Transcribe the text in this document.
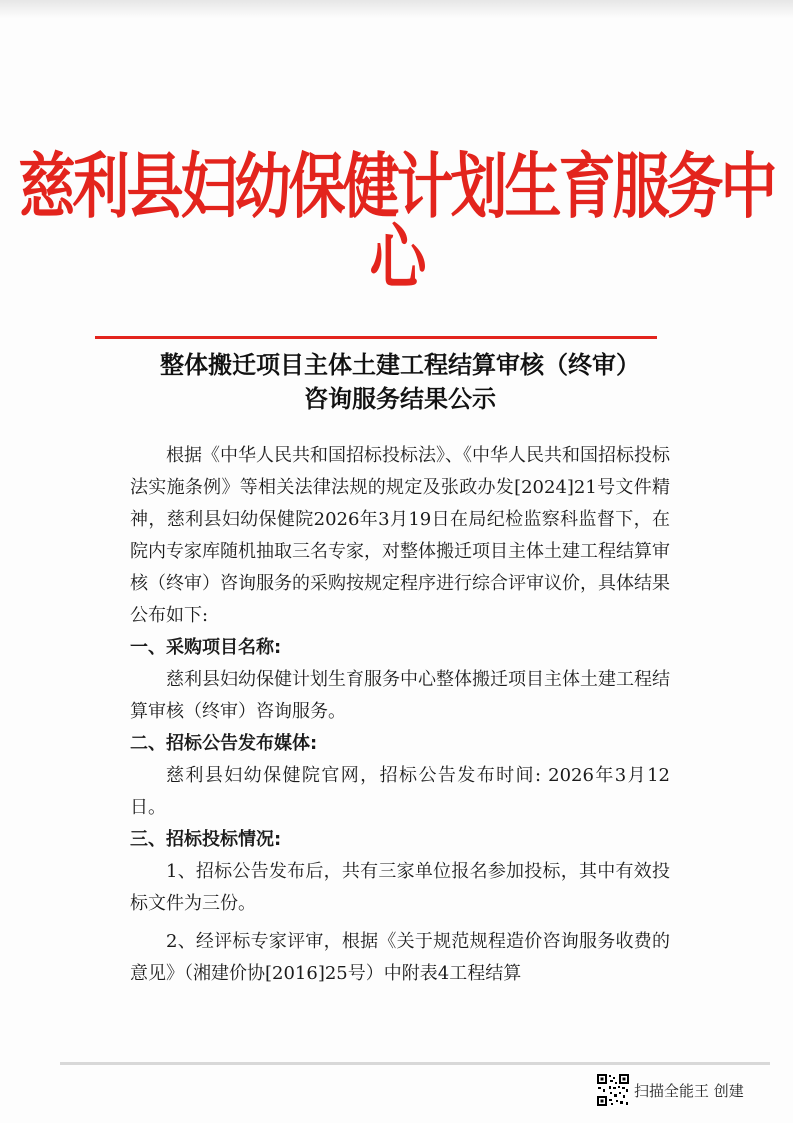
慈利县妇幼保健计划生育服务中心
整体搬迁项目主体土建工程结算审核（终审）
咨询服务结果公示

根据《中华人民共和国招标投标法》、《中华人民共和国招标投标法实施条例》等相关法律法规的规定及张政办发[2024]21号文件精神，慈利县妇幼保健院2026年3月19日在局纪检监察科监督下，在院内专家库随机抽取三名专家，对整体搬迁项目主体土建工程结算审核（终审）咨询服务的采购按规定程序进行综合评审议价，具体结果公布如下:

一、采购项目名称:

慈利县妇幼保健计划生育服务中心整体搬迁项目主体土建工程结算审核（终审）咨询服务。

二、招标公告发布媒体:

慈利县妇幼保健院官网，招标公告发布时间: 2026年3月12日。

三、招标投标情况:

1、招标公告发布后，共有三家单位报名参加投标，其中有效投标文件为三份。

2、经评标专家评审，根据《关于规范规程造价咨询服务收费的意见》（湘建价协[2016]25号）中附表4工程结算

扫描全能王 创建
